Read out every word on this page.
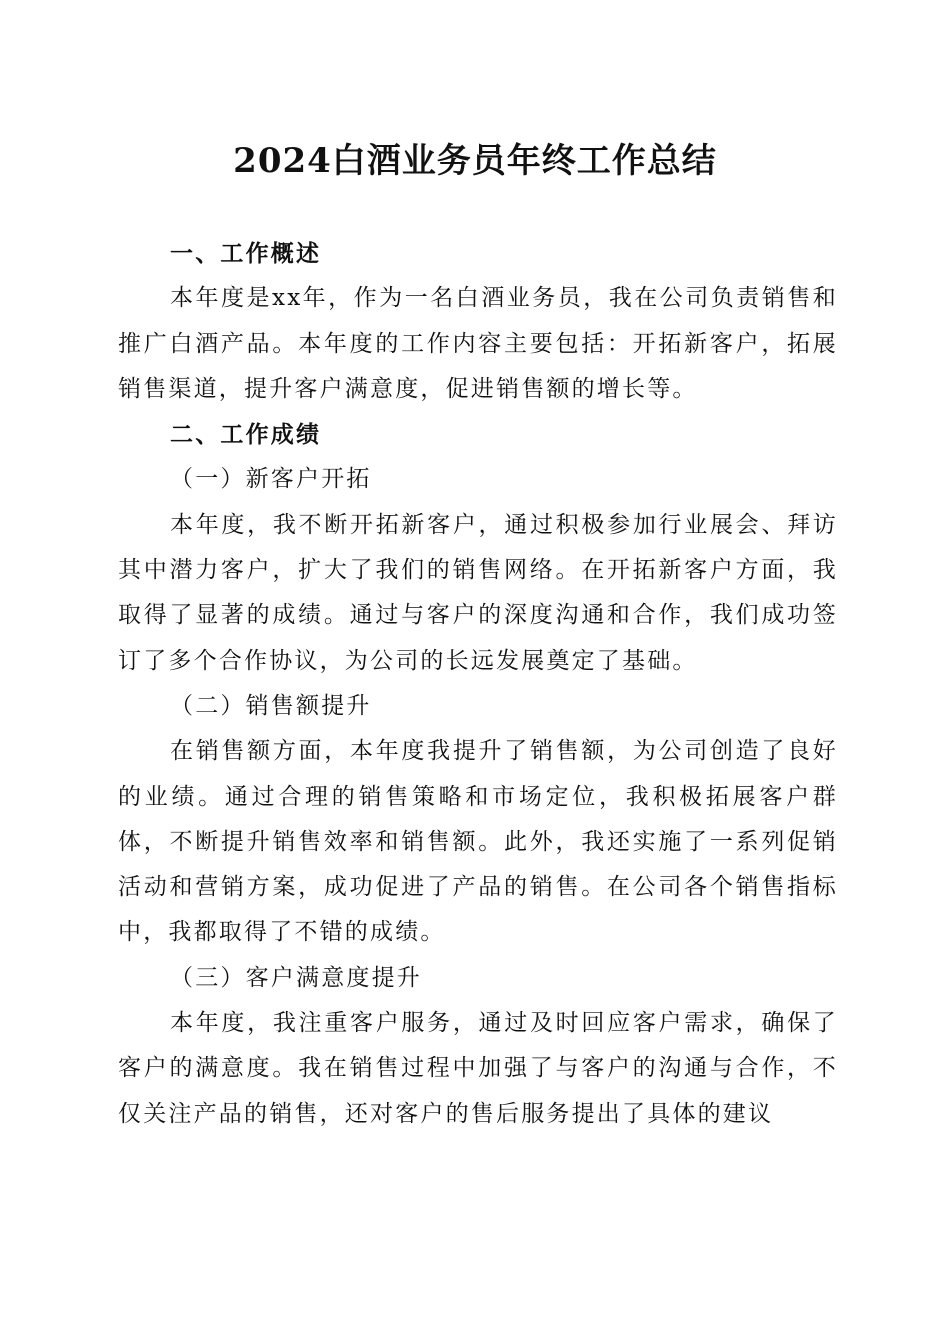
2024白酒业务员年终工作总结

一、工作概述

本年度是xx年，作为一名白酒业务员，我在公司负责销售和推广白酒产品。本年度的工作内容主要包括：开拓新客户，拓展销售渠道，提升客户满意度，促进销售额的增长等。

二、工作成绩

（一）新客户开拓

本年度，我不断开拓新客户，通过积极参加行业展会、拜访其中潜力客户，扩大了我们的销售网络。在开拓新客户方面，我取得了显著的成绩。通过与客户的深度沟通和合作，我们成功签订了多个合作协议，为公司的长远发展奠定了基础。

（二）销售额提升

在销售额方面，本年度我提升了销售额，为公司创造了良好的业绩。通过合理的销售策略和市场定位，我积极拓展客户群体，不断提升销售效率和销售额。此外，我还实施了一系列促销活动和营销方案，成功促进了产品的销售。在公司各个销售指标中，我都取得了不错的成绩。

（三）客户满意度提升

本年度，我注重客户服务，通过及时回应客户需求，确保了客户的满意度。我在销售过程中加强了与客户的沟通与合作，不仅关注产品的销售，还对客户的售后服务提出了具体的建议
